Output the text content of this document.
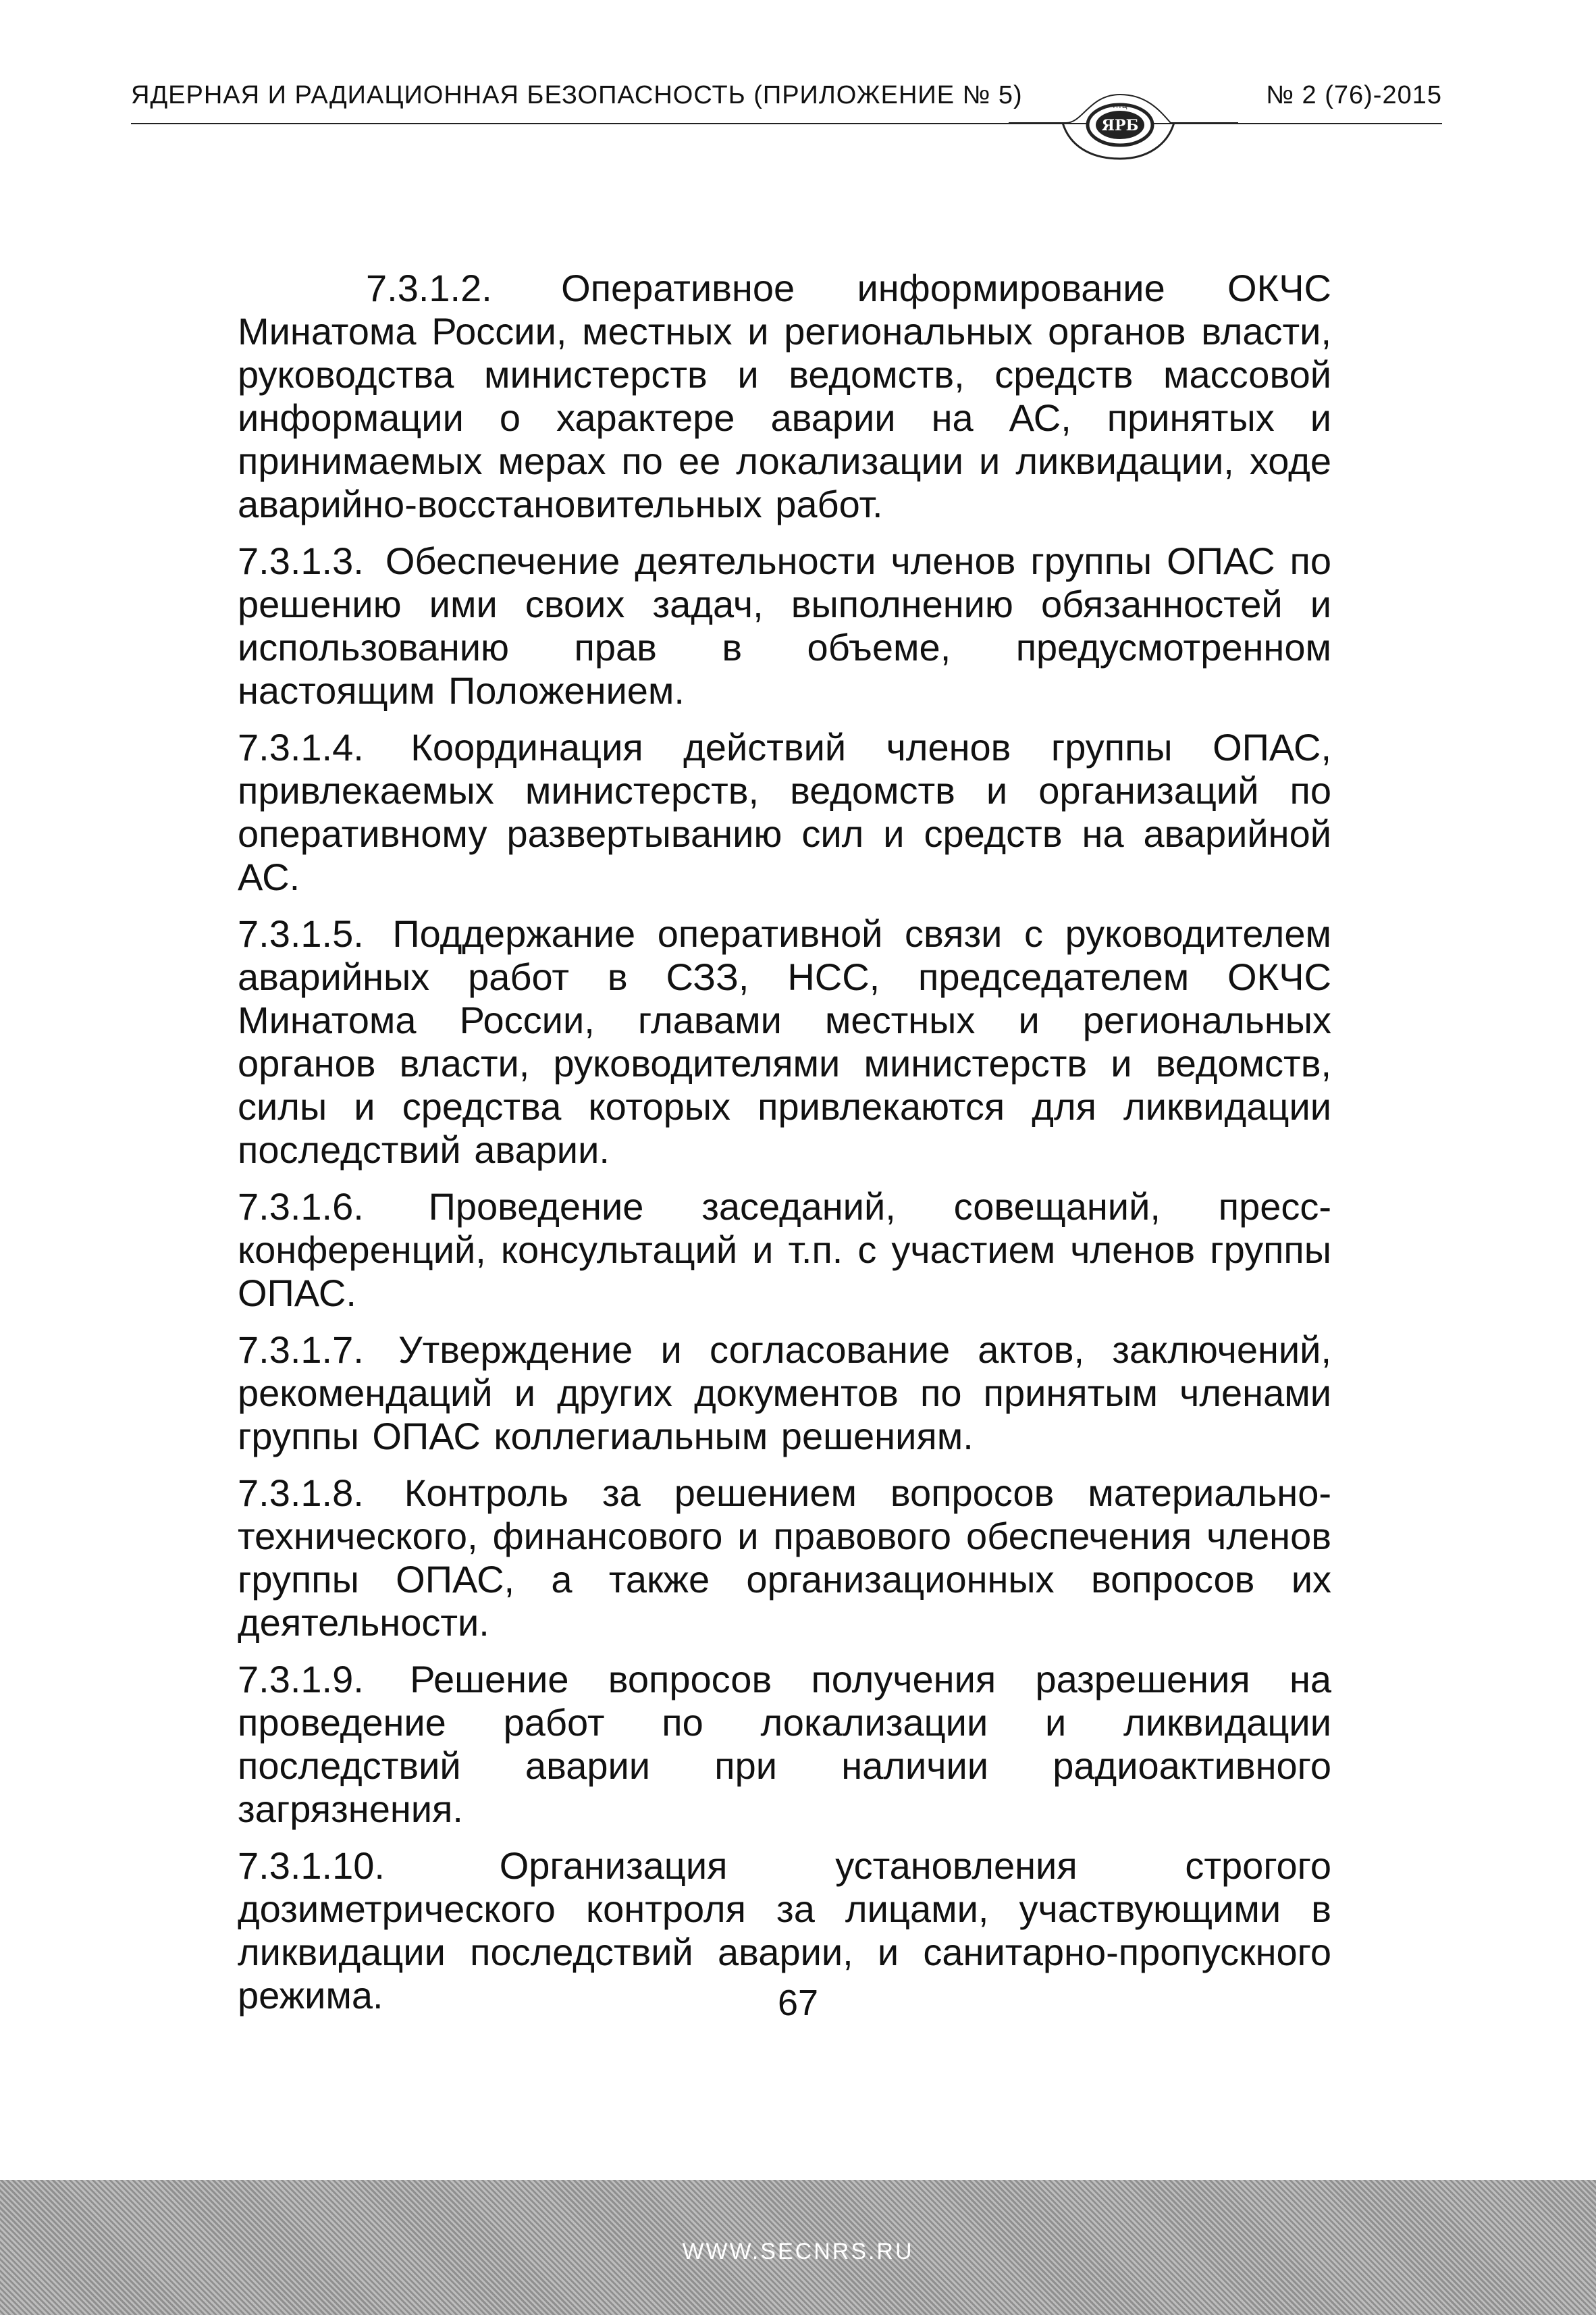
ЯДЕРНАЯ И РАДИАЦИОННАЯ БЕЗОПАСНОСТЬ (ПРИЛОЖЕНИЕ № 5)	№ 2 (76)-2015
ЯРБ
НТЦ

7.3.1.2. Оперативное информирование ОКЧС Минатома России, местных и региональных органов власти, руководства министерств и ведомств, средств массовой информации о характере аварии на АС, принятых и принимаемых мерах по ее локализации и ликвидации, ходе аварийно-восстановительных работ.

7.3.1.3. Обеспечение деятельности членов группы ОПАС по решению ими своих задач, выполнению обязанностей и использованию прав в объеме, предусмотренном настоящим Положением.

7.3.1.4. Координация действий членов группы ОПАС, привлекаемых министерств, ведомств и организаций по оперативному развертыванию сил и средств на аварийной АС.

7.3.1.5. Поддержание оперативной связи с руководителем аварийных работ в СЗЗ, НСС, председателем ОКЧС Минатома России, главами местных и региональных органов власти, руководителями министерств и ведомств, силы и средства которых привлекаются для ликвидации последствий аварии.

7.3.1.6. Проведение заседаний, совещаний, пресс-конференций, консультаций и т.п. с участием членов группы ОПАС.

7.3.1.7. Утверждение и согласование актов, заключений, рекомендаций и других документов по принятым членами группы ОПАС коллегиальным решениям.

7.3.1.8. Контроль за решением вопросов материально-технического, финансового и правового обеспечения членов группы ОПАС, а также организационных вопросов их деятельности.

7.3.1.9. Решение вопросов получения разрешения на проведение работ по локализации и ликвидации последствий аварии при наличии радиоактивного загрязнения.

7.3.1.10.	Организация установления строгого дозиметрического контроля за лицами, участвующими в ликвидации последствий аварии, и санитарно-пропускного режима.	67
WWW.SECNRS.RU
